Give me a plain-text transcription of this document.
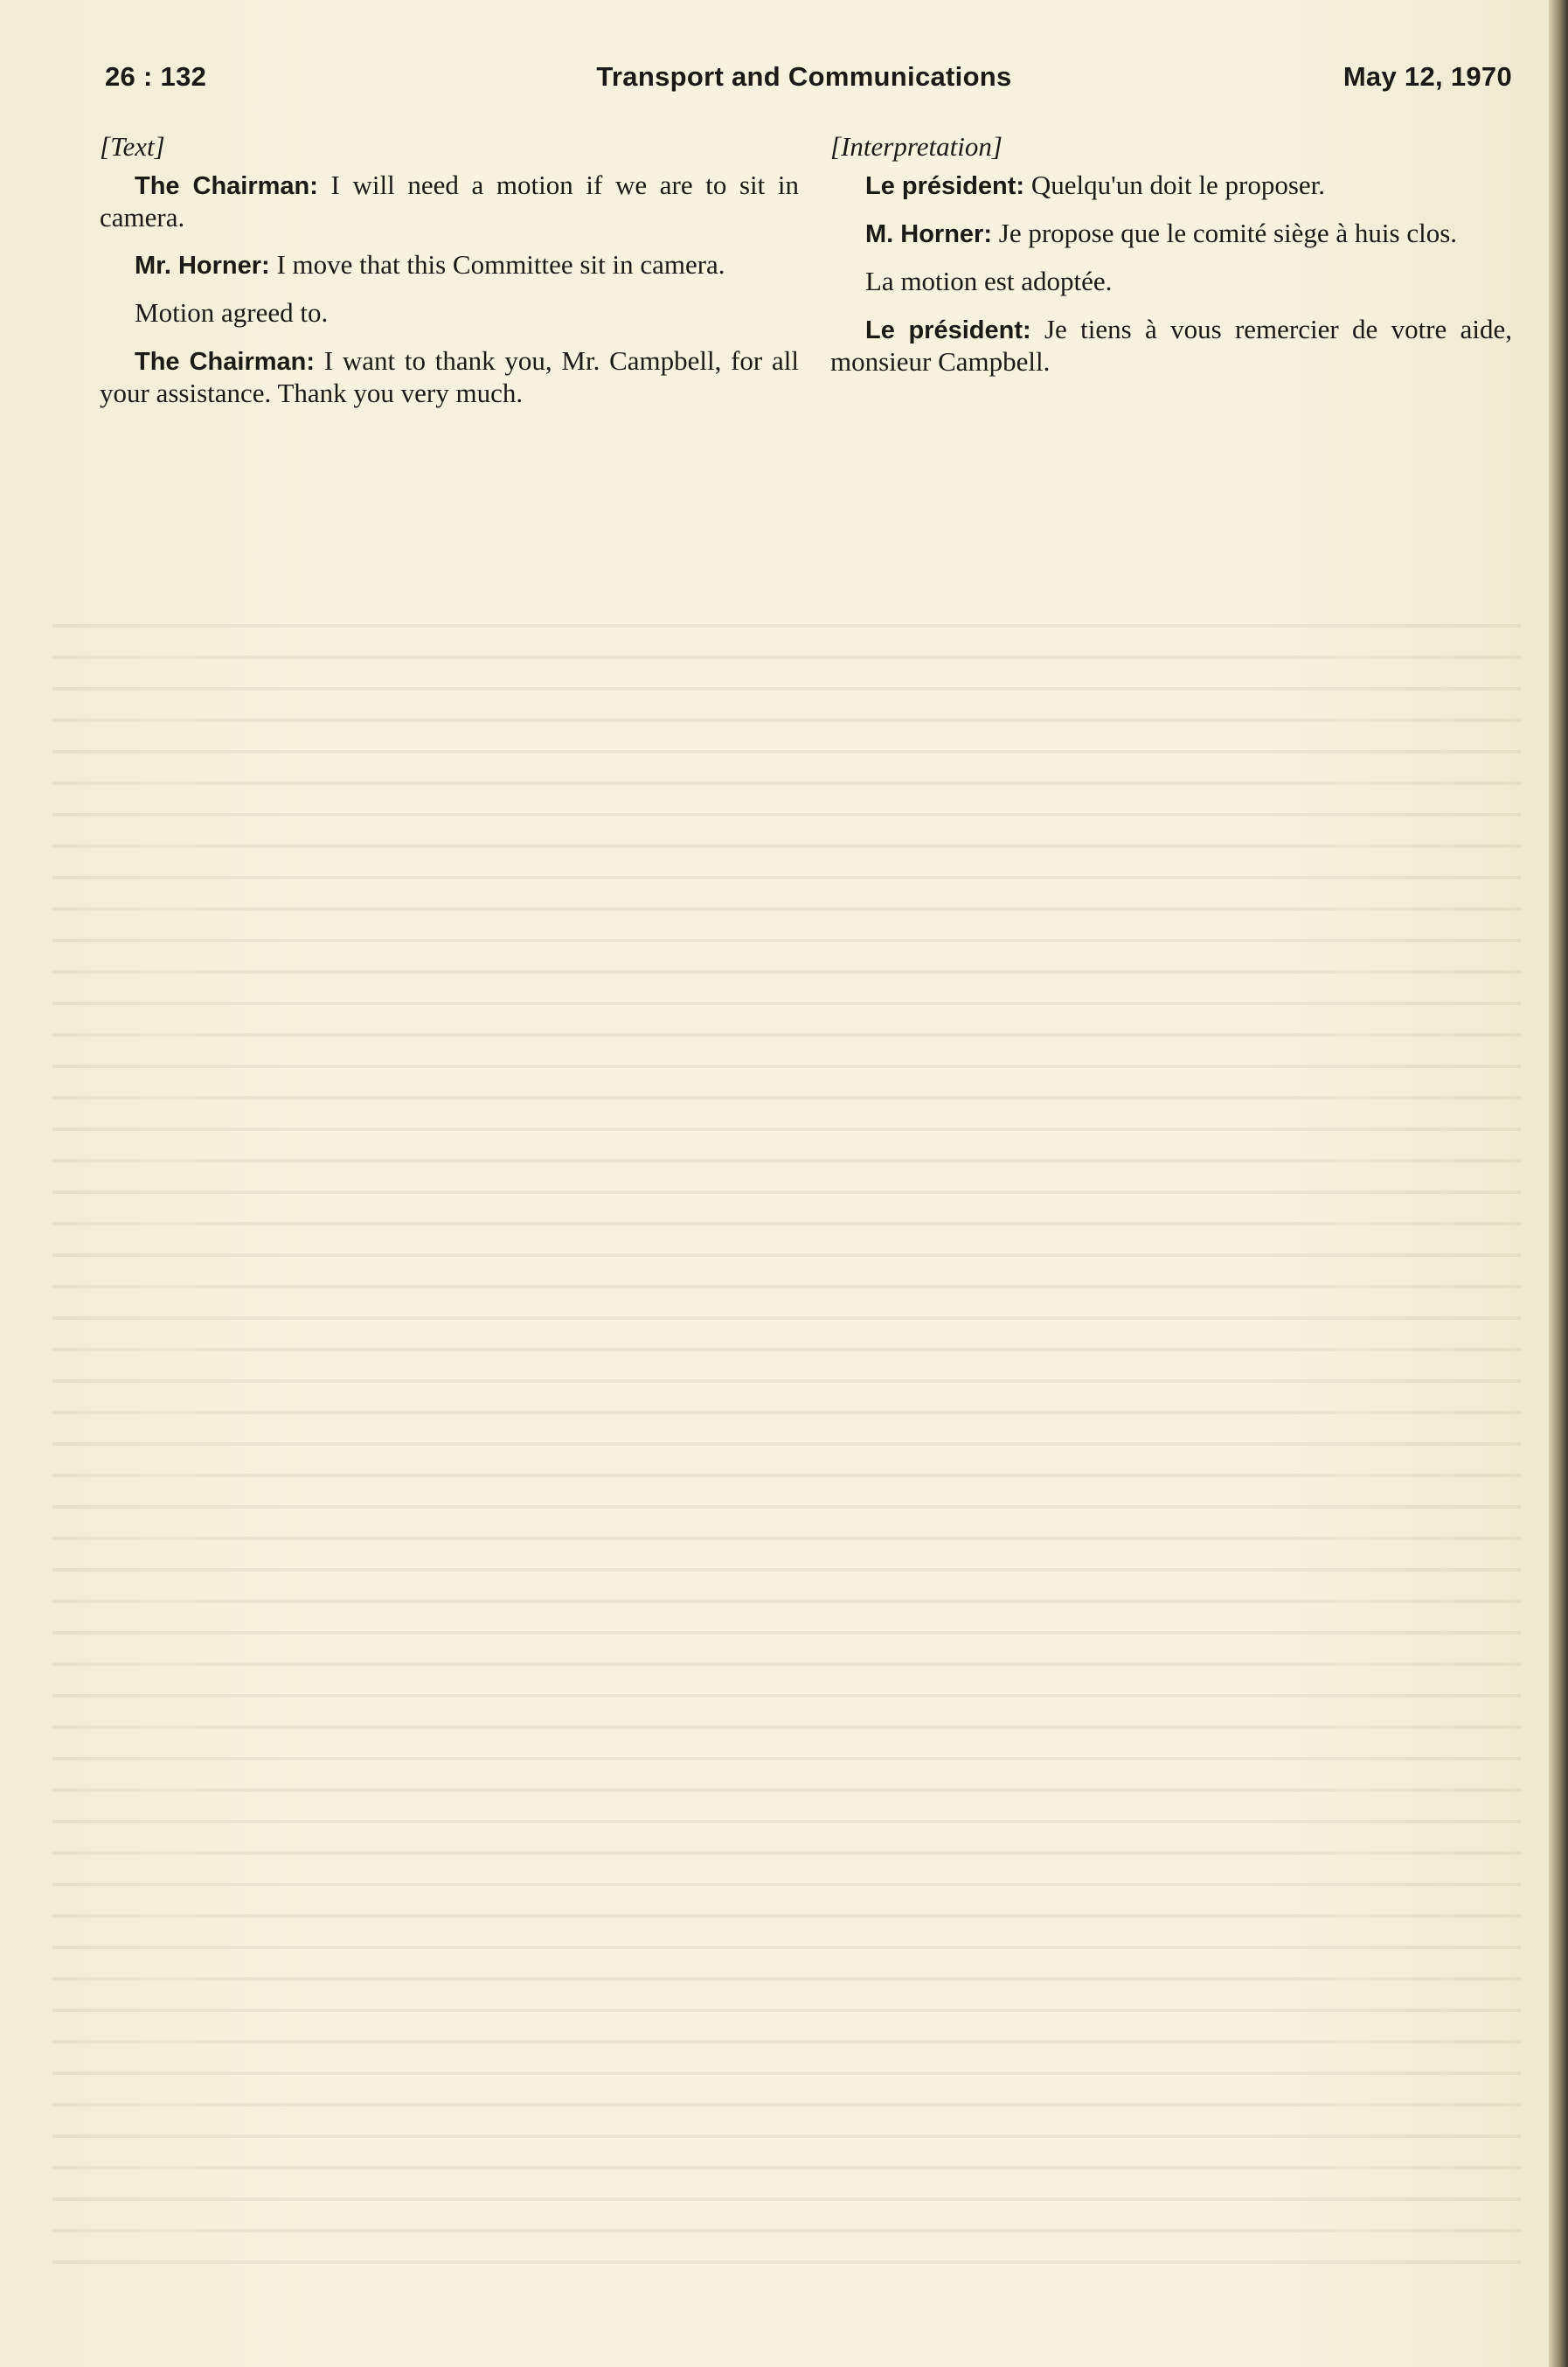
26 : 132	Transport and Communications	May 12, 1970
[Text]

The Chairman: I will need a motion if we are to sit in camera.

Mr. Horner: I move that this Committee sit in camera.

Motion agreed to.

The Chairman: I want to thank you, Mr. Campbell, for all your assistance. Thank you very much.

[Interpretation]

Le président: Quelqu'un doit le proposer.

M. Horner: Je propose que le comité siège à huis clos.

La motion est adoptée.

Le président: Je tiens à vous remercier de votre aide, monsieur Campbell.
